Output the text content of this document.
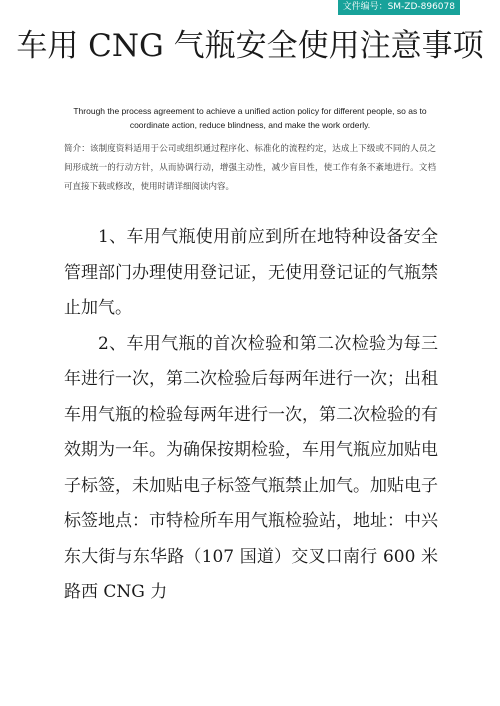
文件编号：SM-ZD-896078
车用 CNG 气瓶安全使用注意事项

Through the process agreement to achieve a unified action policy for different people, so as to coordinate action, reduce blindness, and make the work orderly.

简介：该制度资料适用于公司或组织通过程序化、标准化的流程约定，达成上下级或不同的人员之间形成统一的行动方针，从而协调行动，增强主动性，减少盲目性，使工作有条不紊地进行。文档可直接下载或修改，使用时请详细阅读内容。

1、车用气瓶使用前应到所在地特种设备安全管理部门办理使用登记证，无使用登记证的气瓶禁止加气。

2、车用气瓶的首次检验和第二次检验为每三年进行一次，第二次检验后每两年进行一次；出租车用气瓶的检验每两年进行一次，第二次检验的有效期为一年。为确保按期检验，车用气瓶应加贴电子标签，未加贴电子标签气瓶禁止加气。加贴电子标签地点：市特检所车用气瓶检验站，地址：中兴东大街与东华路（107 国道）交叉口南行 600 米路西 CNG 力
